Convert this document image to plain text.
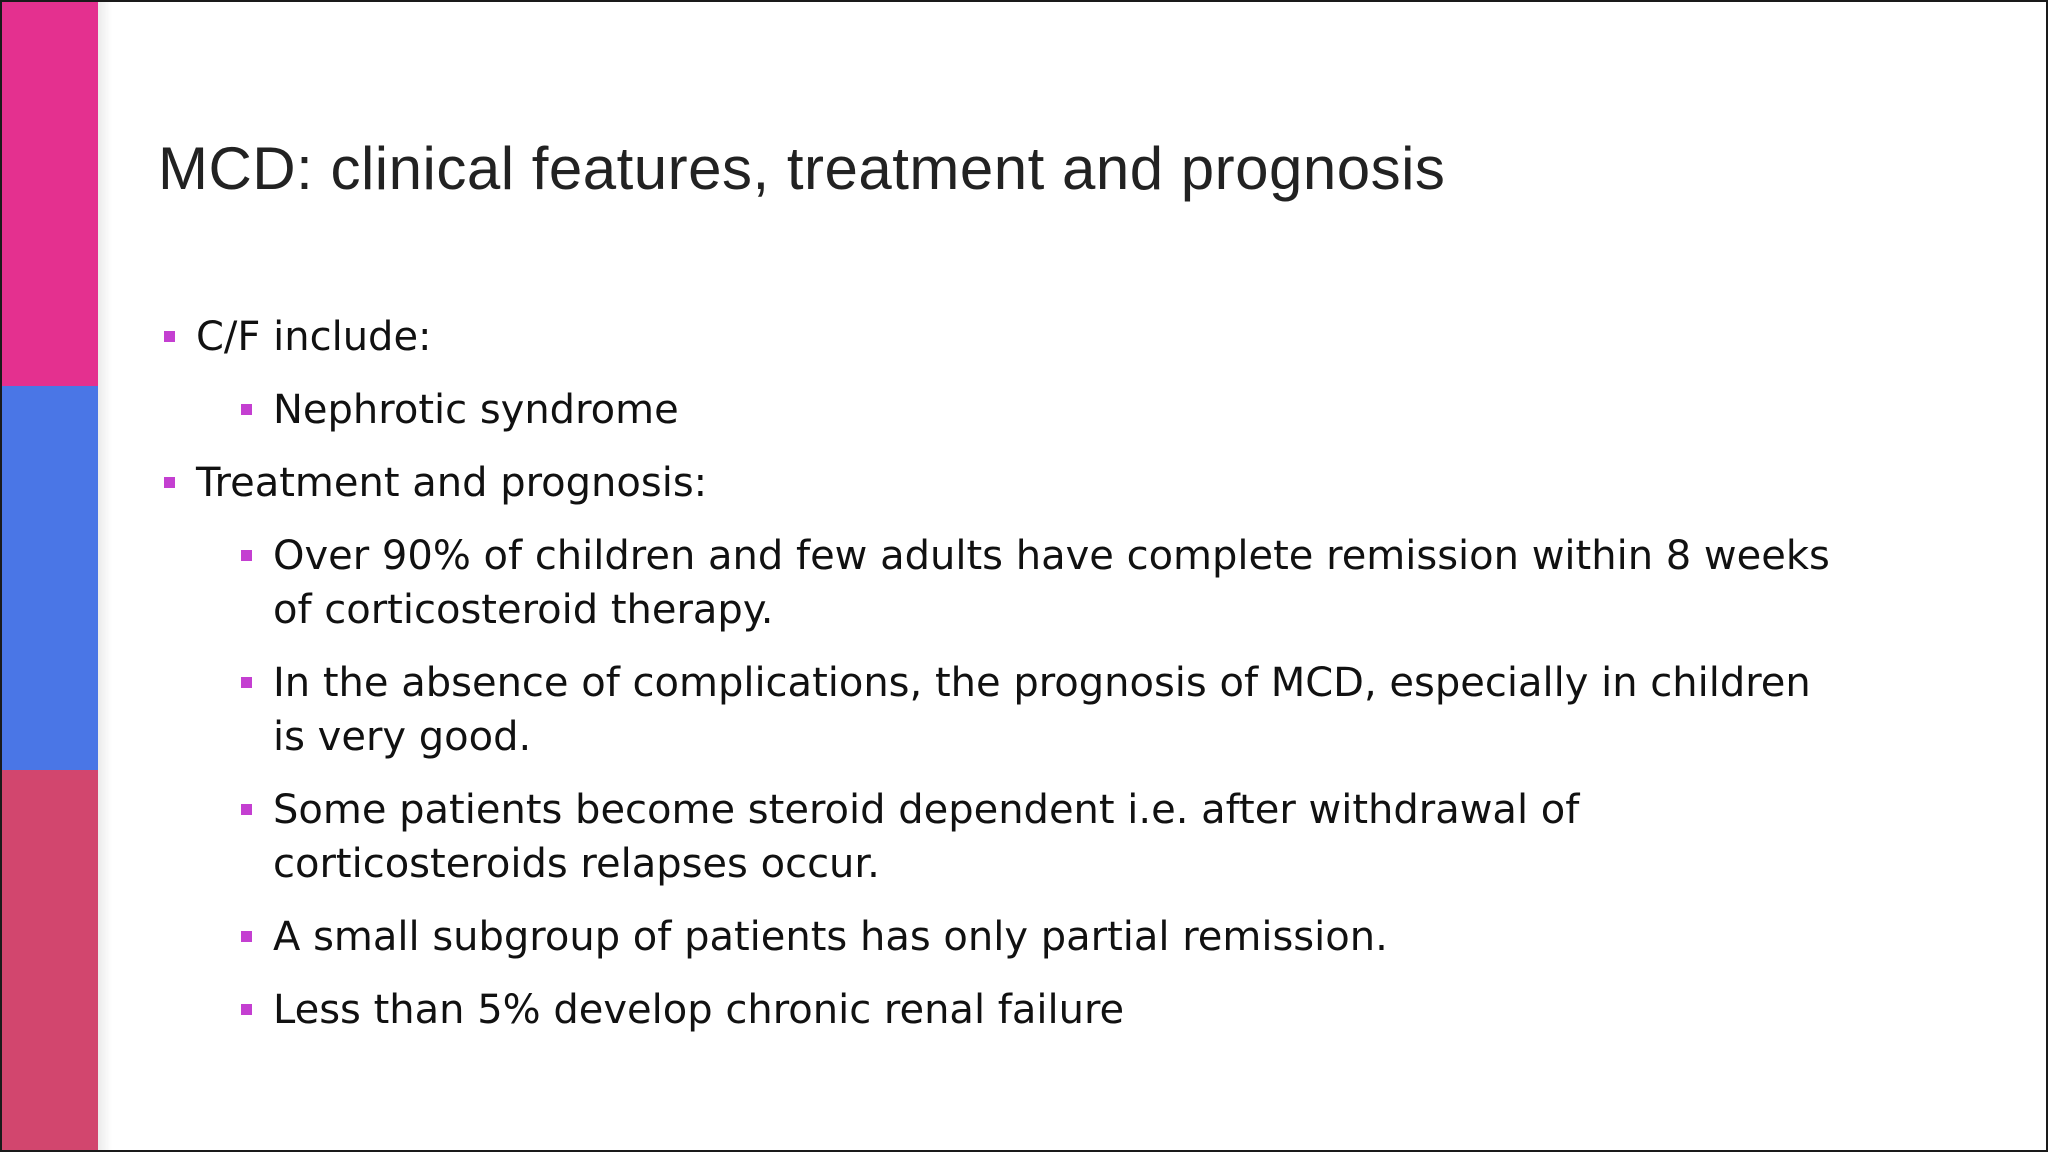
MCD: clinical features, treatment and prognosis
C/F include:
Nephrotic syndrome
Treatment and prognosis:
Over 90% of children and few adults have complete remission within 8 weeks
of corticosteroid therapy.
In the absence of complications, the prognosis of MCD, especially in children
is very good.
Some patients become steroid dependent i.e. after withdrawal of
corticosteroids relapses occur.
A small subgroup of patients has only partial remission.
Less than 5% develop chronic renal failure
